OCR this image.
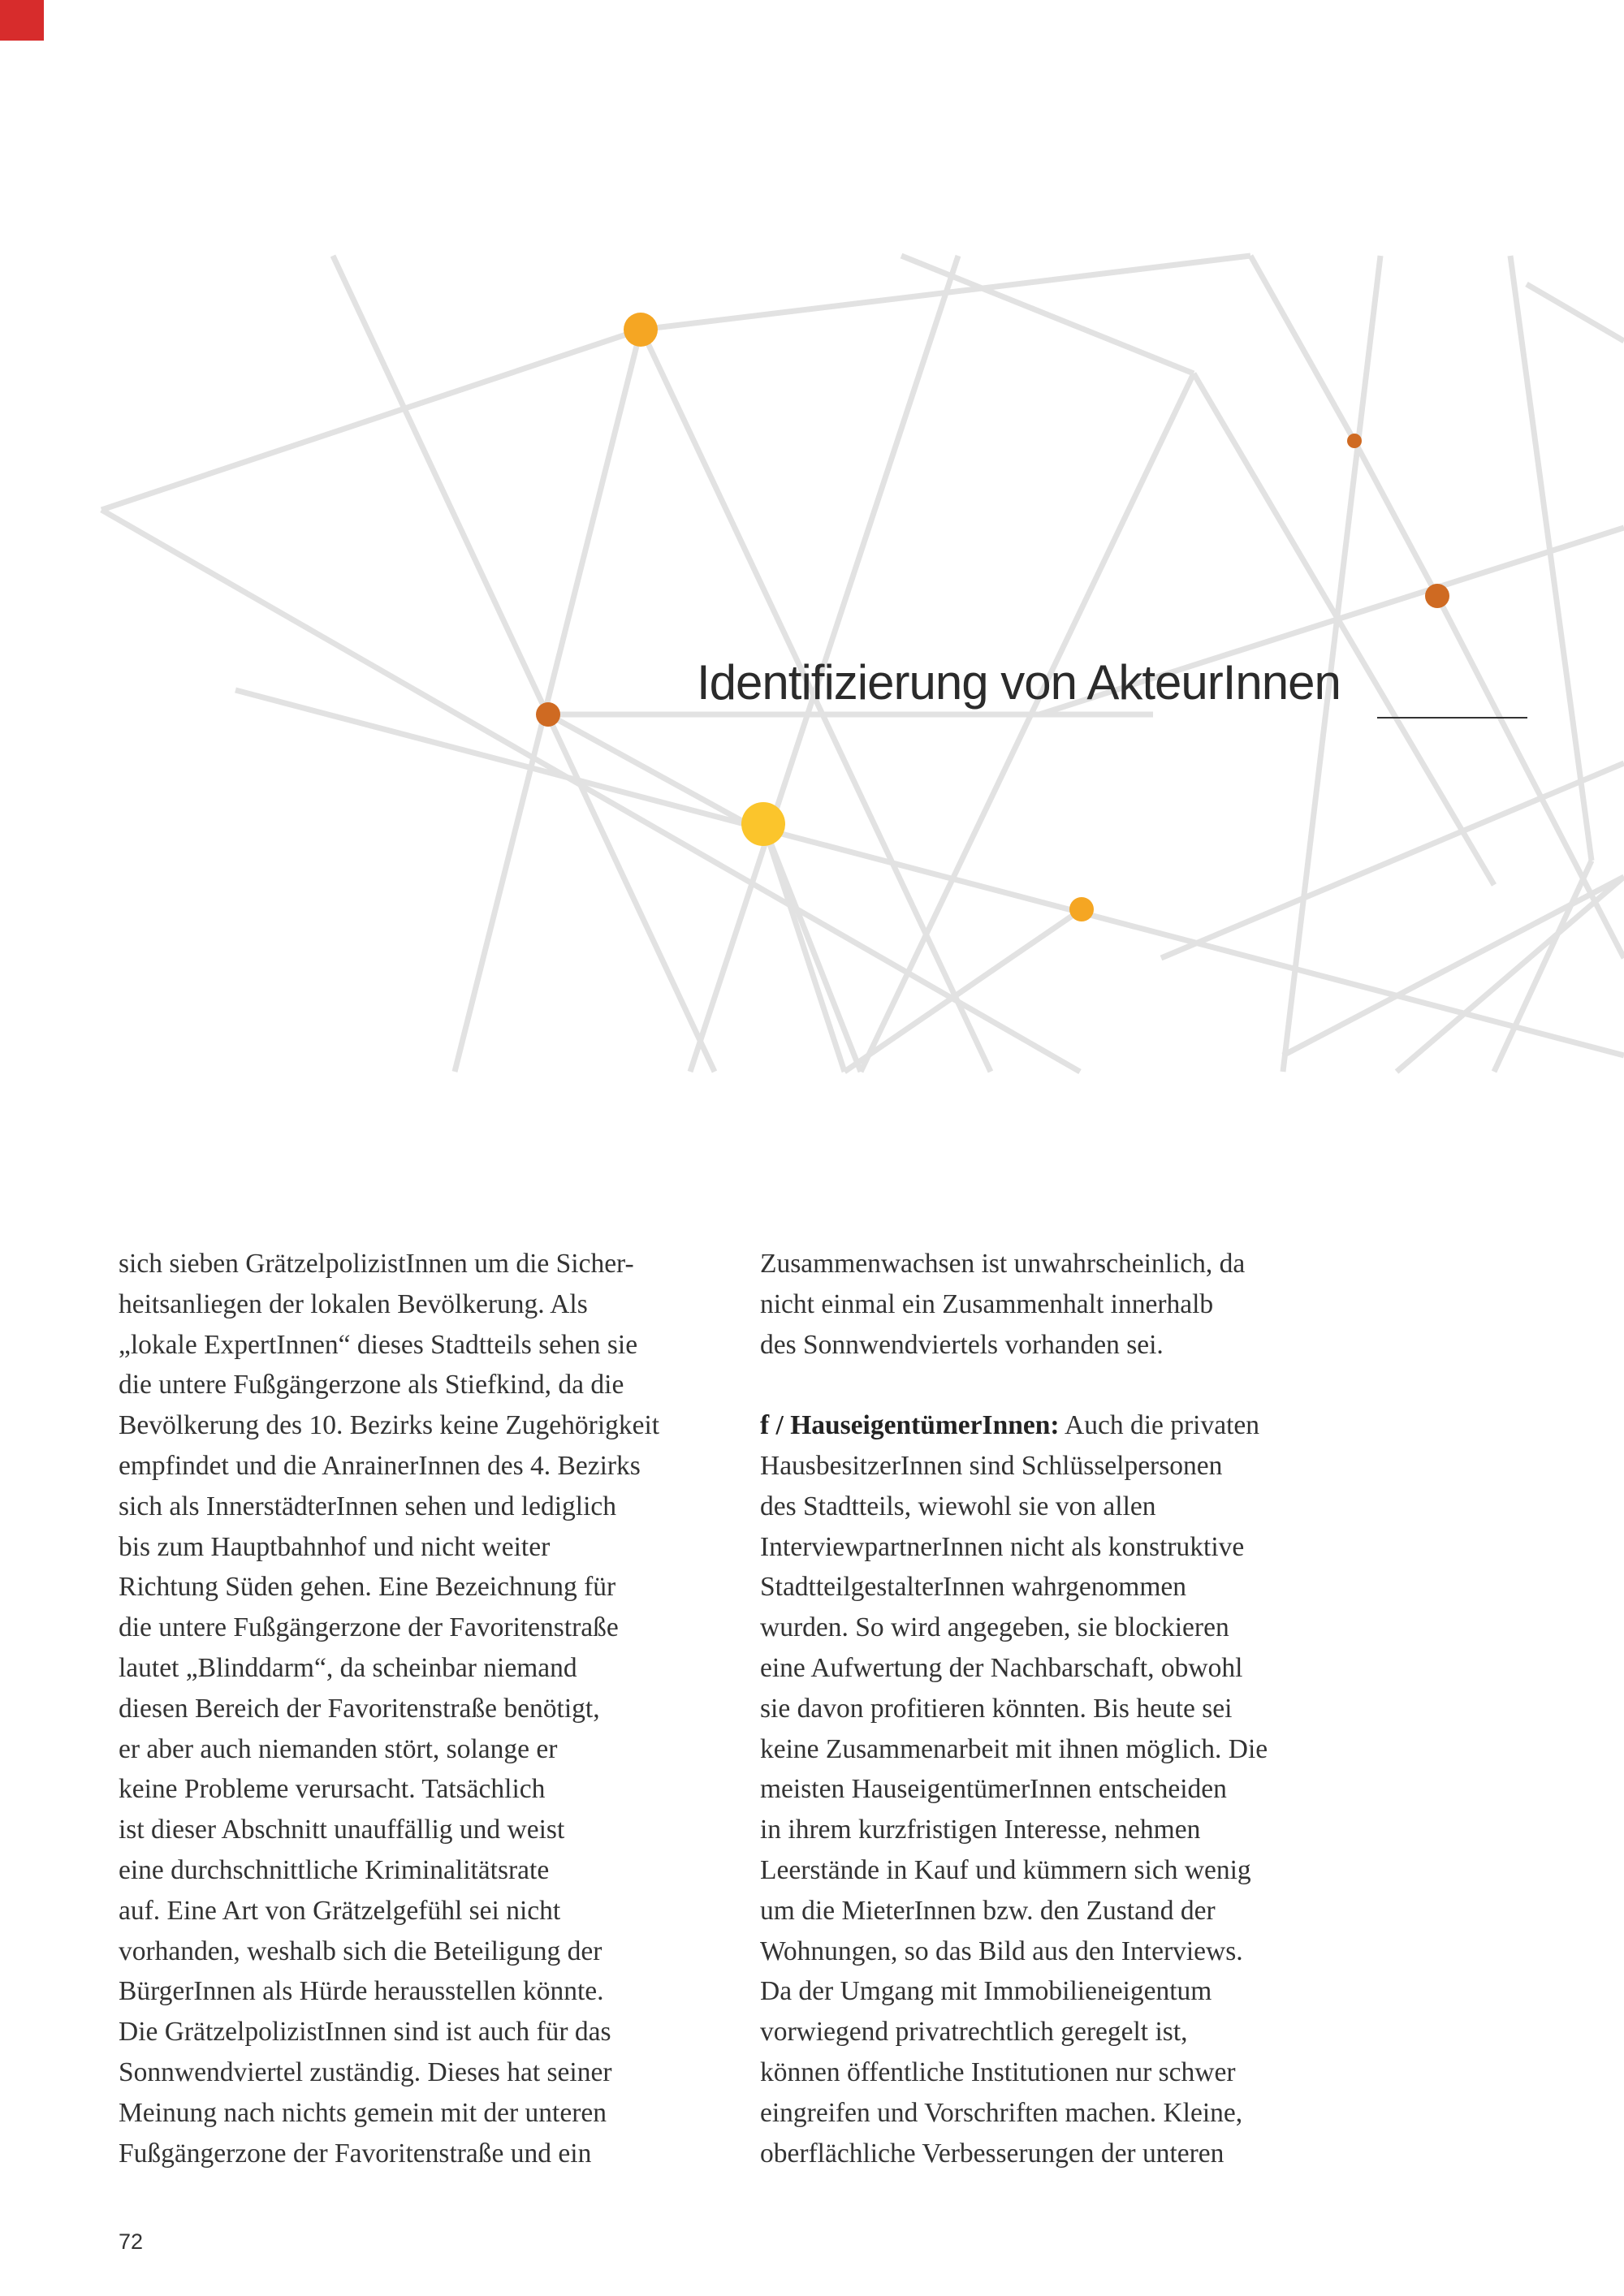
Identifizierung von AkteurInnen
sich sieben GrätzelpolizistInnen um die Sicher-
heitsanliegen der lokalen Bevölkerung. Als
„lokale ExpertInnen“ dieses Stadtteils sehen sie
die untere Fußgängerzone als Stiefkind, da die
Bevölkerung des 10. Bezirks keine Zugehörigkeit
empfindet und die AnrainerInnen des 4. Bezirks
sich als InnerstädterInnen sehen und lediglich
bis zum Hauptbahnhof und nicht weiter
Richtung Süden gehen. Eine Bezeichnung für
die untere Fußgängerzone der Favoritenstraße
lautet „Blinddarm“, da scheinbar niemand
diesen Bereich der Favoritenstraße benötigt,
er aber auch niemanden stört, solange er
keine Probleme verursacht. Tatsächlich
ist dieser Abschnitt unauffällig und weist
eine durchschnittliche Kriminalitätsrate
auf. Eine Art von Grätzelgefühl sei nicht
vorhanden, weshalb sich die Beteiligung der
BürgerInnen als Hürde herausstellen könnte.
Die GrätzelpolizistInnen sind ist auch für das
Sonnwendviertel zuständig. Dieses hat seiner
Meinung nach nichts gemein mit der unteren
Fußgängerzone der Favoritenstraße und ein
Zusammenwachsen ist unwahrscheinlich, da
nicht einmal ein Zusammenhalt innerhalb
des Sonnwendviertels vorhanden sei.
f / HauseigentümerInnen: Auch die privaten
HausbesitzerInnen sind Schlüsselpersonen
des Stadtteils, wiewohl sie von allen
InterviewpartnerInnen nicht als konstruktive
StadtteilgestalterInnen wahrgenommen
wurden. So wird angegeben, sie blockieren
eine Aufwertung der Nachbarschaft, obwohl
sie davon profitieren könnten. Bis heute sei
keine Zusammenarbeit mit ihnen möglich. Die
meisten HauseigentümerInnen entscheiden
in ihrem kurzfristigen Interesse, nehmen
Leerstände in Kauf und kümmern sich wenig
um die MieterInnen bzw. den Zustand der
Wohnungen, so das Bild aus den Interviews.
Da der Umgang mit Immobilieneigentum
vorwiegend privatrechtlich geregelt ist,
können öffentliche Institutionen nur schwer
eingreifen und Vorschriften machen. Kleine,
oberflächliche Verbesserungen der unteren
72
